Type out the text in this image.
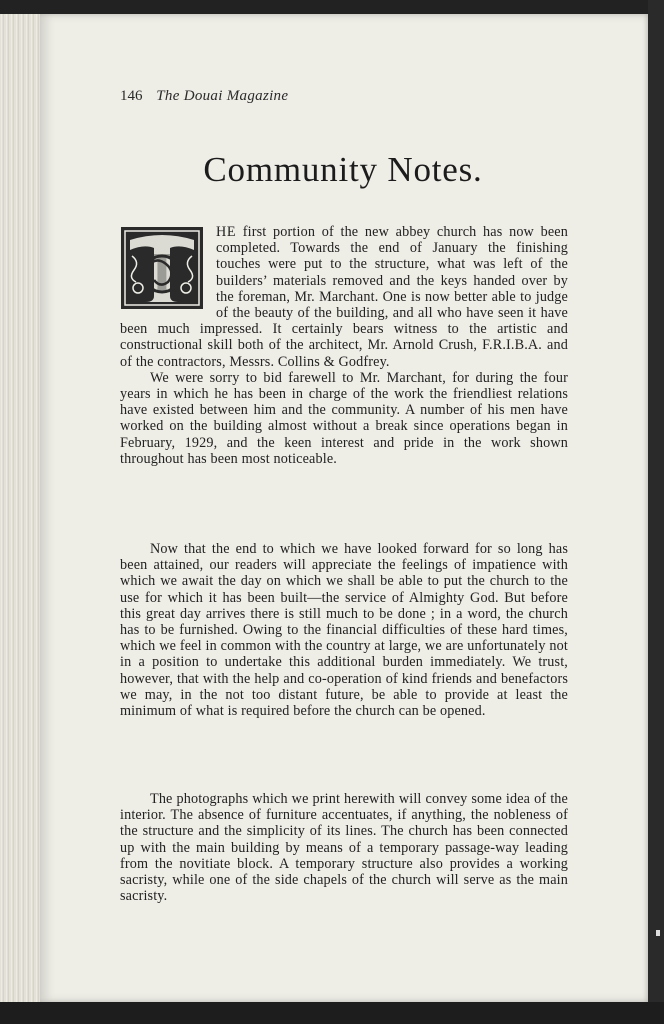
146 The Douai Magazine
Community Notes.
T

HE first portion of the new abbey church has now been completed. Towards the end of January the finishing touches were put to the structure, what was left of the builders’ materials removed and the keys handed over by the foreman, Mr. Marchant. One is now better able to judge of the beauty of the building, and all who have seen it have been much impressed. It certainly bears witness to the artistic and constructional skill both of the architect, Mr. Arnold Crush, F.R.I.B.A. and of the contractors, Messrs. Collins & Godfrey.

We were sorry to bid farewell to Mr. Marchant, for during the four years in which he has been in charge of the work the friendliest relations have existed between him and the community. A number of his men have worked on the building almost without a break since operations began in February, 1929, and the keen interest and pride in the work shown throughout has been most noticeable.

Now that the end to which we have looked forward for so long has been attained, our readers will appreciate the feelings of impatience with which we await the day on which we shall be able to put the church to the use for which it has been built—the service of Almighty God. But before this great day arrives there is still much to be done ; in a word, the church has to be furnished. Owing to the financial difficulties of these hard times, which we feel in common with the country at large, we are unfortunately not in a position to undertake this additional burden immediately. We trust, however, that with the help and co-operation of kind friends and benefactors we may, in the not too distant future, be able to provide at least the minimum of what is required before the church can be opened.

The photographs which we print herewith will convey some idea of the interior. The absence of furniture accentuates, if anything, the nobleness of the structure and the simplicity of its lines. The church has been connected up with the main building by means of a temporary passage-way leading from the novitiate block. A temporary structure also provides a working sacristy, while one of the side chapels of the church will serve as the main sacristy.
